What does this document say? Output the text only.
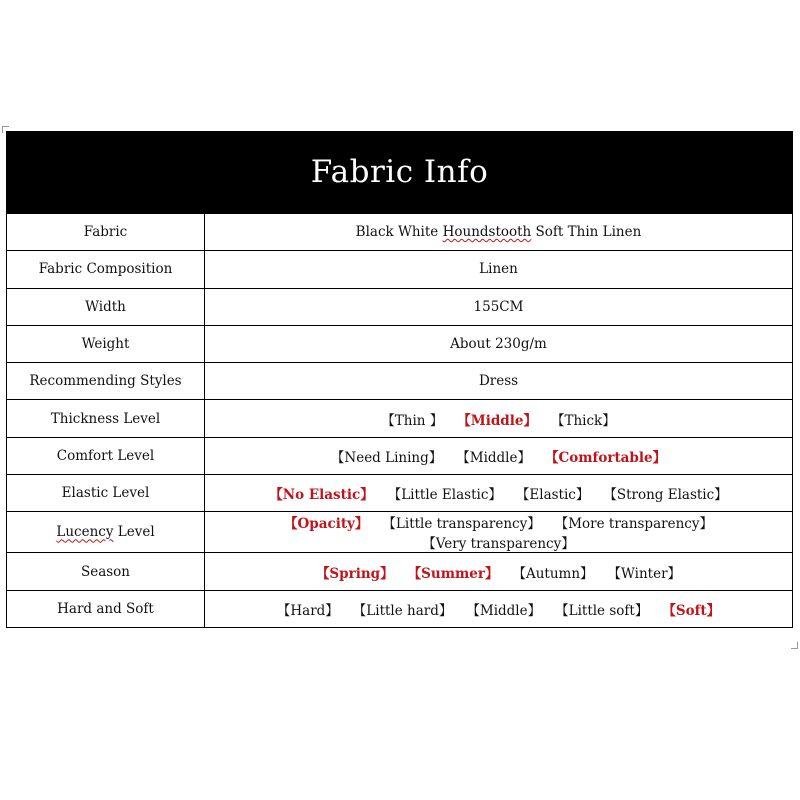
Fabric Info
Fabric	Black White Houndstooth Soft Thin Linen
Fabric Composition	Linen
Width	155CM
Weight	About 230g/m
Recommending Styles	Dress
Thickness Level	【Thin 】 【Middle】 【Thick】
Comfort Level	【Need Lining】 【Middle】 【Comfortable】
Elastic Level	【No Elastic】 【Little Elastic】 【Elastic】 【Strong Elastic】
Lucency Level	【Opacity】 【Little transparency】 【More transparency】【Very transparency】
Season	【Spring】 【Summer】 【Autumn】 【Winter】
Hard and Soft	【Hard】 【Little hard】 【Middle】 【Little soft】 【Soft】
